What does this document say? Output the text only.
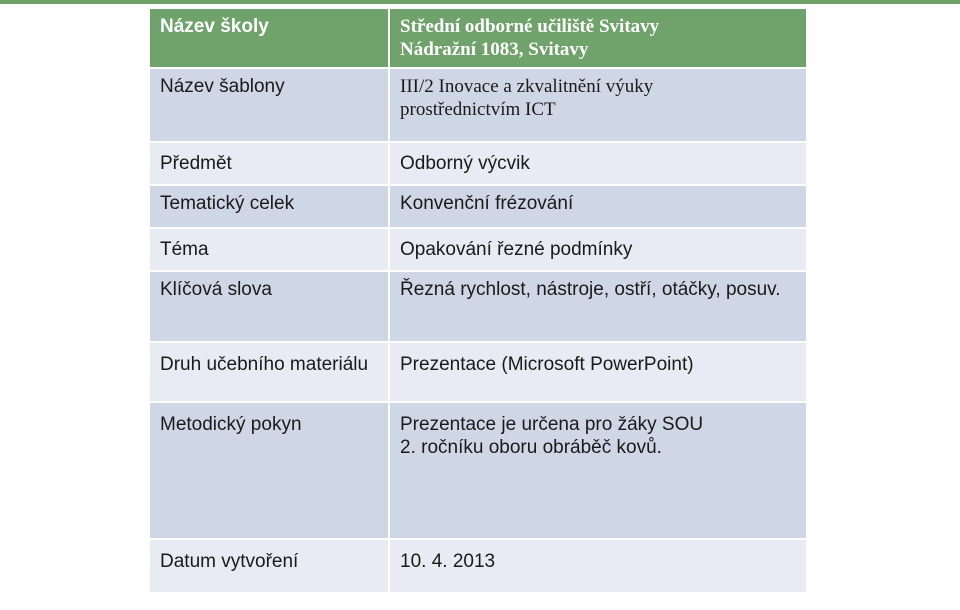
Název školy	Střední odborné učiliště Svitavy
Nádražní 1083, Svitavy

Název šablony	III/2 Inovace a zkvalitnění výuky
prostřednictvím ICT

Předmět	Odborný výcvik

Tematický celek	Konvenční frézování

Téma	Opakování řezné podmínky

Klíčová slova	Řezná rychlost, nástroje, ostří, otáčky, posuv.

Druh učebního materiálu	Prezentace (Microsoft PowerPoint)

Metodický pokyn	Prezentace je určena pro žáky SOU
2. ročníku oboru obráběč kovů.

Datum vytvoření	10. 4. 2013
